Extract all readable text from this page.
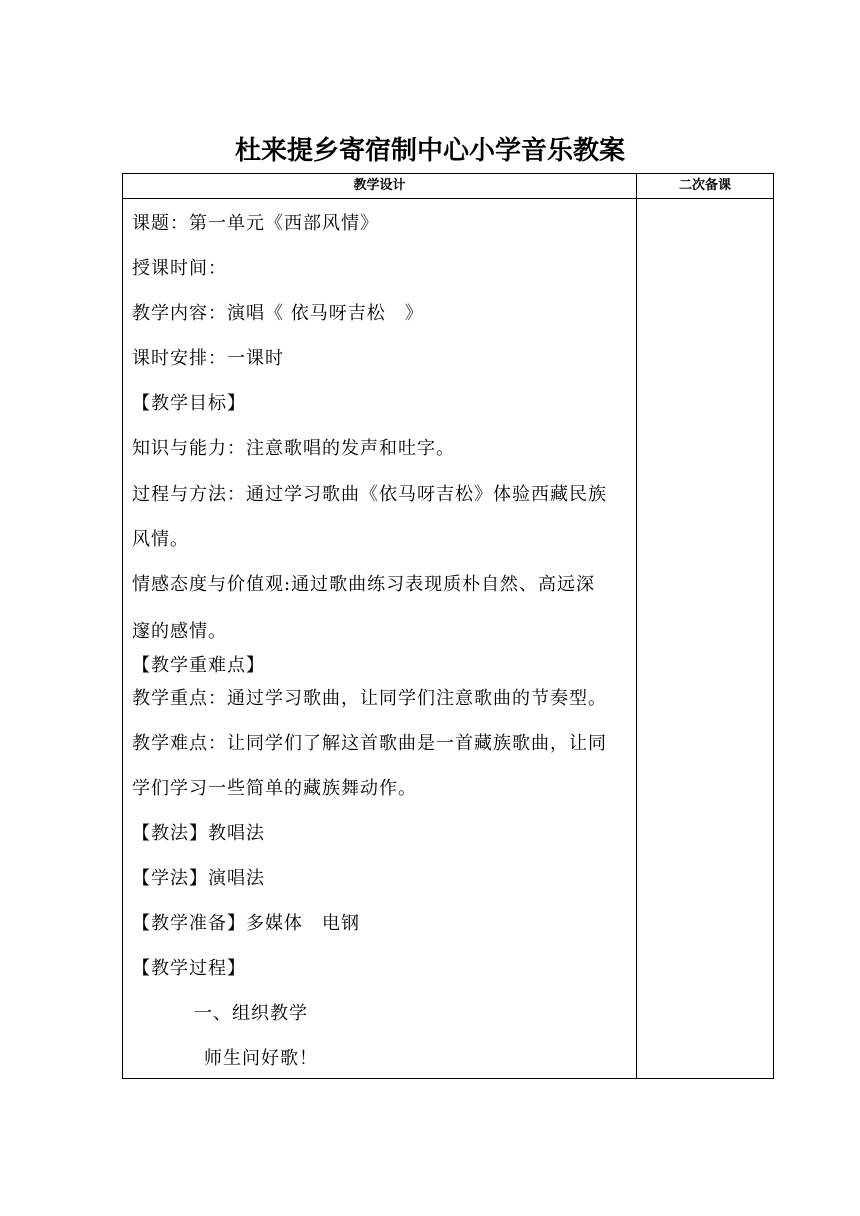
杜来提乡寄宿制中心小学音乐教案
教学设计	二次备课
课题：第一单元《西部风情》
授课时间：
教学内容：演唱《 依马呀吉松　》
课时安排：一课时
【教学目标】
知识与能力：注意歌唱的发声和吐字。
过程与方法：通过学习歌曲《依马呀吉松》体验西藏民族
风情。
情感态度与价值观:通过歌曲练习表现质朴自然、高远深
邃的感情。
【教学重难点】
教学重点：通过学习歌曲，让同学们注意歌曲的节奏型。
教学难点：让同学们了解这首歌曲是一首藏族歌曲，让同
学们学习一些简单的藏族舞动作。
【教法】教唱法
【学法】演唱法
【教学准备】多媒体　电钢
【教学过程】
一、组织教学
师生问好歌！
